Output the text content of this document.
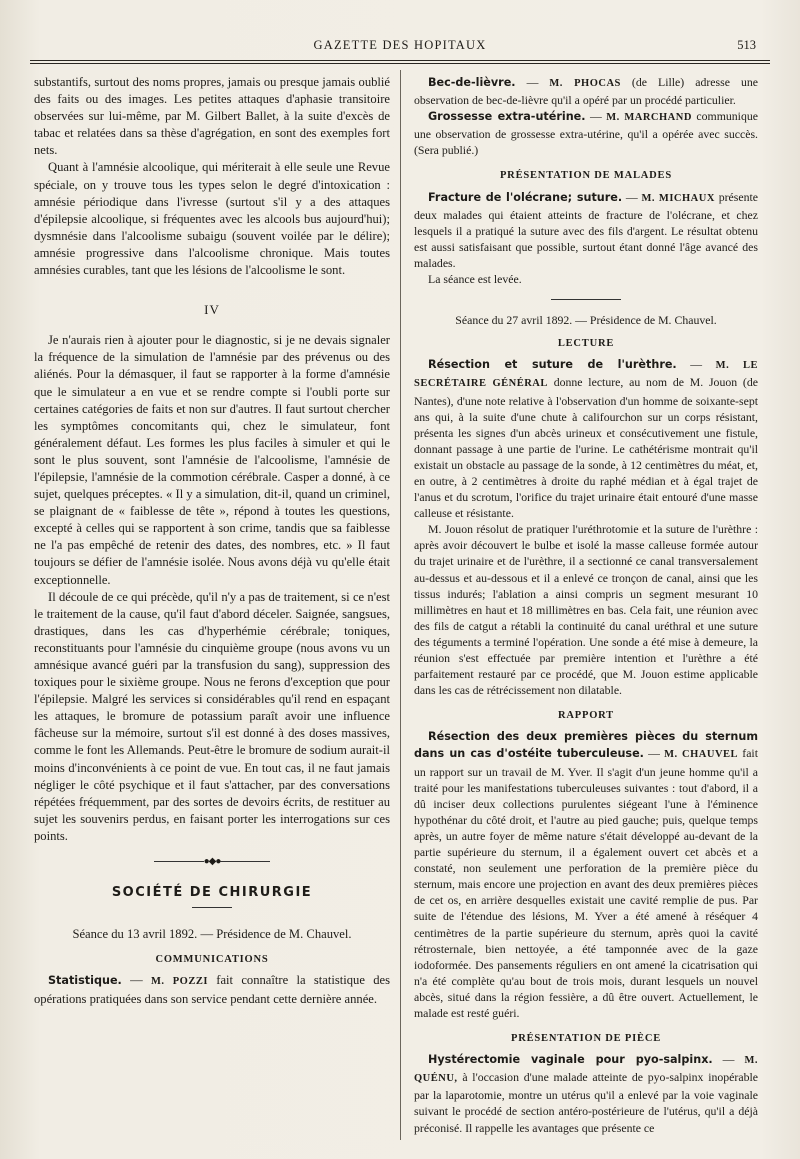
GAZETTE DES HOPITAUX	513

substantifs, surtout des noms propres, jamais ou presque jamais oublié des faits ou des images. Les petites attaques d'aphasie transitoire observées sur lui-même, par M. Gilbert Ballet, à la suite d'excès de tabac et relatées dans sa thèse d'agrégation, en sont des exemples fort nets.

Quant à l'amnésie alcoolique, qui mériterait à elle seule une Revue spéciale, on y trouve tous les types selon le degré d'intoxication : amnésie périodique dans l'ivresse (surtout s'il y a des attaques d'épilepsie alcoolique, si fréquentes avec les alcools bus aujourd'hui); dysmnésie dans l'alcoolisme subaigu (souvent voilée par le délire); amnésie progressive dans l'alcoolisme chronique. Mais toutes amnésies curables, tant que les lésions de l'alcoolisme le sont.

IV

Je n'aurais rien à ajouter pour le diagnostic, si je ne devais signaler la fréquence de la simulation de l'amnésie par des prévenus ou des aliénés. Pour la démasquer, il faut se rapporter à la forme d'amnésie que le simulateur a en vue et se rendre compte si l'oubli porte sur certaines catégories de faits et non sur d'autres. Il faut surtout chercher les symptômes concomitants qui, chez le simulateur, font généralement défaut. Les formes les plus faciles à simuler et qui le sont le plus souvent, sont l'amnésie de l'alcoolisme, l'amnésie de l'épilepsie, l'amnésie de la commotion cérébrale. Casper a donné, à ce sujet, quelques préceptes. « Il y a simulation, dit-il, quand un criminel, se plaignant de « faiblesse de tête », répond à toutes les questions, excepté à celles qui se rapportent à son crime, tandis que sa faiblesse ne l'a pas empêché de retenir des dates, des nombres, etc. » Il faut toujours se défier de l'amnésie isolée. Nous avons déjà vu qu'elle était exceptionnelle.

Il découle de ce qui précède, qu'il n'y a pas de traitement, si ce n'est le traitement de la cause, qu'il faut d'abord déceler. Saignée, sangsues, drastiques, dans les cas d'hyperhémie cérébrale; toniques, reconstituants pour l'amnésie du cinquième groupe (nous avons vu un amnésique avancé guéri par la transfusion du sang), suppression des toxiques pour le sixième groupe. Nous ne ferons d'exception que pour l'épilepsie. Malgré les services si considérables qu'il rend en espaçant les attaques, le bromure de potassium paraît avoir une influence fâcheuse sur la mémoire, surtout s'il est donné à des doses massives, comme le font les Allemands. Peut-être le bromure de sodium aurait-il moins d'inconvénients à ce point de vue. En tout cas, il ne faut jamais négliger le côté psychique et il faut s'attacher, par des conversations répétées fréquemment, par des sortes de devoirs écrits, de restituer au sujet les souvenirs perdus, en faisant porter les interrogations sur ces points.

●◆●
SOCIÉTÉ DE CHIRURGIE
Séance du 13 avril 1892. — Présidence de M. Chauvel.
COMMUNICATIONS

Statistique. — M. POZZI fait connaître la statistique des opérations pratiquées dans son service pendant cette dernière année.

Bec-de-lièvre. — M. PHOCAS (de Lille) adresse une observation de bec-de-lièvre qu'il a opéré par un procédé particulier.

Grossesse extra-utérine. — M. MARCHAND communique une observation de grossesse extra-utérine, qu'il a opérée avec succès. (Sera publié.)

PRÉSENTATION DE MALADES

Fracture de l'olécrane; suture. — M. MICHAUX présente deux malades qui étaient atteints de fracture de l'olécrane, et chez lesquels il a pratiqué la suture avec des fils d'argent. Le résultat obtenu est aussi satisfaisant que possible, surtout étant donné l'âge avancé des malades.

La séance est levée.

Séance du 27 avril 1892. — Présidence de M. Chauvel.
LECTURE

Résection et suture de l'urèthre. — M. LE SECRÉTAIRE GÉNÉRAL donne lecture, au nom de M. Jouon (de Nantes), d'une note relative à l'observation d'un homme de soixante-sept ans qui, à la suite d'une chute à califourchon sur un corps résistant, présenta les signes d'un abcès urineux et consécutivement une fistule, donnant passage à une partie de l'urine. Le cathétérisme montrait qu'il existait un obstacle au passage de la sonde, à 12 centimètres du méat, et, en outre, à 2 centimètres à droite du raphé médian et à égal trajet de l'anus et du scrotum, l'orifice du trajet urinaire était entouré d'une masse calleuse et résistante.

M. Jouon résolut de pratiquer l'uréthrotomie et la suture de l'urèthre : après avoir découvert le bulbe et isolé la masse calleuse formée autour du trajet urinaire et de l'urèthre, il a sectionné ce canal transversalement au-dessus et au-dessous et il a enlevé ce tronçon de canal, ainsi que les tissus indurés; l'ablation a ainsi compris un segment mesurant 10 millimètres en haut et 18 millimètres en bas. Cela fait, une réunion avec des fils de catgut a rétabli la continuité du canal uréthral et une suture des téguments a terminé l'opération. Une sonde a été mise à demeure, la réunion s'est effectuée par première intention et l'urèthre a été parfaitement restauré par ce procédé, que M. Jouon estime applicable dans les cas de rétrécissement non dilatable.

RAPPORT

Résection des deux premières pièces du sternum dans un cas d'ostéite tuberculeuse. — M. CHAUVEL fait un rapport sur un travail de M. Yver. Il s'agit d'un jeune homme qu'il a traité pour les manifestations tuberculeuses suivantes : tout d'abord, il a dû inciser deux collections purulentes siégeant l'une à l'éminence hypothénar du côté droit, et l'autre au pied gauche; puis, quelque temps après, un autre foyer de même nature s'était développé au-devant de la partie supérieure du sternum, il a également ouvert cet abcès et a constaté, non seulement une perforation de la première pièce du sternum, mais encore une projection en avant des deux premières pièces de cet os, en arrière desquelles existait une cavité remplie de pus. Par suite de l'étendue des lésions, M. Yver a été amené à réséquer 4 centimètres de la partie supérieure du sternum, après quoi la cavité rétrosternale, bien nettoyée, a été tamponnée avec de la gaze iodoformée. Des pansements réguliers en ont amené la cicatrisation qui n'a été complète qu'au bout de trois mois, durant lesquels un nouvel abcès, situé dans la région fessière, a dû être ouvert. Actuellement, le malade est resté guéri.

PRÉSENTATION DE PIÈCE

Hystérectomie vaginale pour pyo-salpinx. — M. QUÉNU, à l'occasion d'une malade atteinte de pyo-salpinx inopérable par la laparotomie, montre un utérus qu'il a enlevé par la voie vaginale suivant le procédé de section antéro-postérieure de l'utérus, qu'il a déjà préconisé. Il rappelle les avantages que présente ce
